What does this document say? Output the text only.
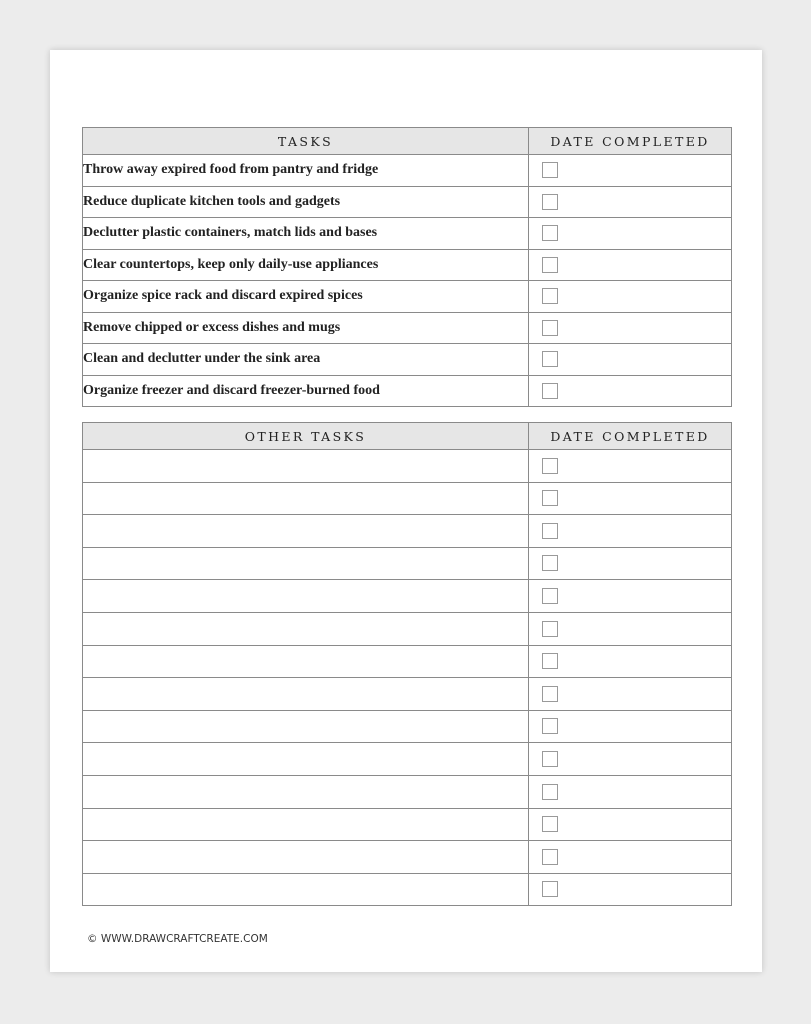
TASKS	DATE COMPLETED
Throw away expired food from pantry and fridge	
Reduce duplicate kitchen tools and gadgets	
Declutter plastic containers, match lids and bases	
Clear countertops, keep only daily-use appliances	
Organize spice rack and discard expired spices	
Remove chipped or excess dishes and mugs	
Clean and declutter under the sink area	
Organize freezer and discard freezer-burned food	
OTHER TASKS	DATE COMPLETED

© WWW.DRAWCRAFTCREATE.COM
